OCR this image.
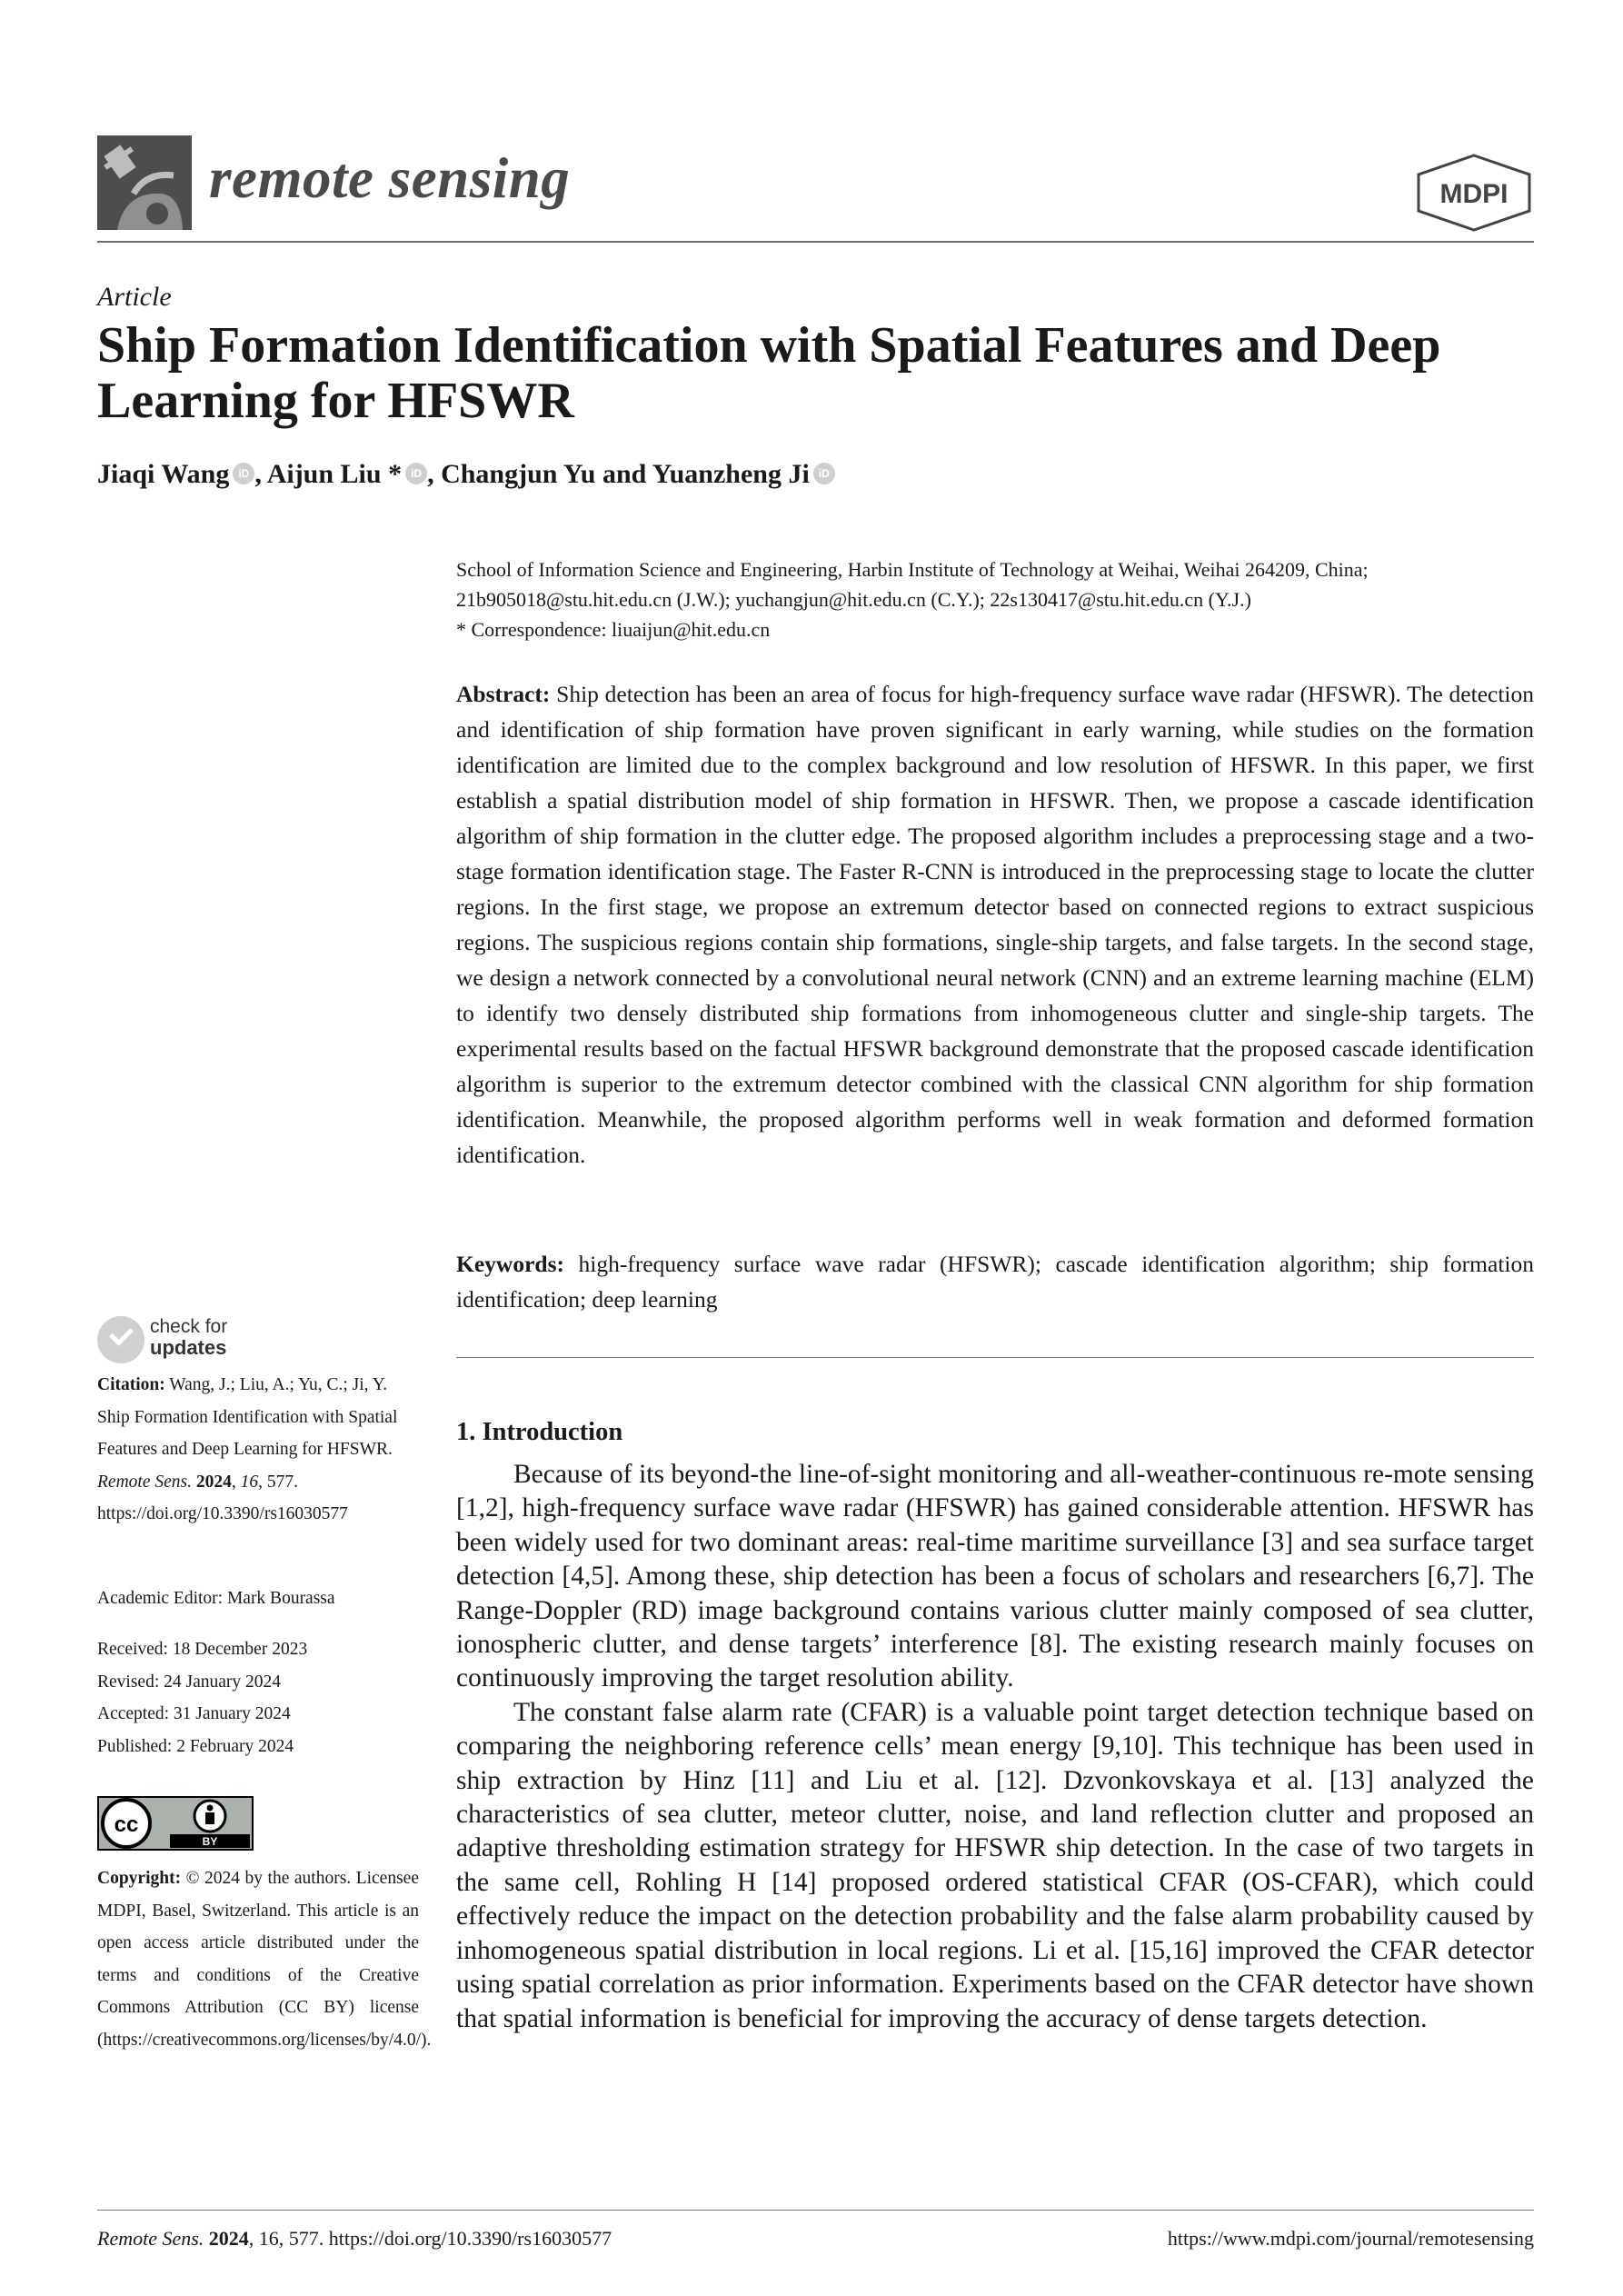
remote sensing	MDPI
Article
Ship Formation Identification with Spatial Features and Deep Learning for HFSWR
Jiaqi Wang iD , Aijun Liu * iD , Changjun Yu and Yuanzheng Ji iD
School of Information Science and Engineering, Harbin Institute of Technology at Weihai, Weihai 264209, China;
21b905018@stu.hit.edu.cn (J.W.); yuchangjun@hit.edu.cn (C.Y.); 22s130417@stu.hit.edu.cn (Y.J.)
* Correspondence: liuaijun@hit.edu.cn
Abstract: Ship detection has been an area of focus for high-frequency surface wave radar (HFSWR). The detection and identification of ship formation have proven significant in early warning, while studies on the formation identification are limited due to the complex background and low resolution of HFSWR. In this paper, we first establish a spatial distribution model of ship formation in HFSWR. Then, we propose a cascade identification algorithm of ship formation in the clutter edge. The proposed algorithm includes a preprocessing stage and a two-stage formation identification stage. The Faster R-CNN is introduced in the preprocessing stage to locate the clutter regions. In the first stage, we propose an extremum detector based on connected regions to extract suspicious regions. The suspicious regions contain ship formations, single-ship targets, and false targets. In the second stage, we design a network connected by a convolutional neural network (CNN) and an extreme learning machine (ELM) to identify two densely distributed ship formations from inhomogeneous clutter and single-ship targets. The experimental results based on the factual HFSWR background demonstrate that the proposed cascade identification algorithm is superior to the extremum detector combined with the classical CNN algorithm for ship formation identification. Meanwhile, the proposed algorithm performs well in weak formation and deformed formation identification.
Keywords: high-frequency surface wave radar (HFSWR); cascade identification algorithm; ship formation identification; deep learning
1. Introduction

Because of its beyond-the line-of-sight monitoring and all-weather-continuous re-mote sensing [1,2], high-frequency surface wave radar (HFSWR) has gained considerable attention. HFSWR has been widely used for two dominant areas: real-time maritime surveillance [3] and sea surface target detection [4,5]. Among these, ship detection has been a focus of scholars and researchers [6,7]. The Range-Doppler (RD) image background contains various clutter mainly composed of sea clutter, ionospheric clutter, and dense targets’ interference [8]. The existing research mainly focuses on continuously improving the target resolution ability.

The constant false alarm rate (CFAR) is a valuable point target detection technique based on comparing the neighboring reference cells’ mean energy [9,10]. This technique has been used in ship extraction by Hinz [11] and Liu et al. [12]. Dzvonkovskaya et al. [13] analyzed the characteristics of sea clutter, meteor clutter, noise, and land reflection clutter and proposed an adaptive thresholding estimation strategy for HFSWR ship detection. In the case of two targets in the same cell, Rohling H [14] proposed ordered statistical CFAR (OS-CFAR), which could effectively reduce the impact on the detection probability and the false alarm probability caused by inhomogeneous spatial distribution in local regions. Li et al. [15,16] improved the CFAR detector using spatial correlation as prior information. Experiments based on the CFAR detector have shown that spatial information is beneficial for improving the accuracy of dense targets detection.

check for
updates
Citation: Wang, J.; Liu, A.; Yu, C.; Ji, Y. Ship Formation Identification with Spatial Features and Deep Learning for HFSWR. Remote Sens. 2024, 16, 577. https://doi.org/10.3390/rs16030577
Academic Editor: Mark Bourassa
Received: 18 December 2023
Revised: 24 January 2024
Accepted: 31 January 2024
Published: 2 February 2024
cc
BY
Copyright: © 2024 by the authors. Licensee MDPI, Basel, Switzerland. This article is an open access article distributed under the terms and conditions of the Creative Commons Attribution (CC BY) license (https://creativecommons.org/licenses/by/4.0/).
Remote Sens. 2024, 16, 577. https://doi.org/10.3390/rs16030577	https://www.mdpi.com/journal/remotesensing
